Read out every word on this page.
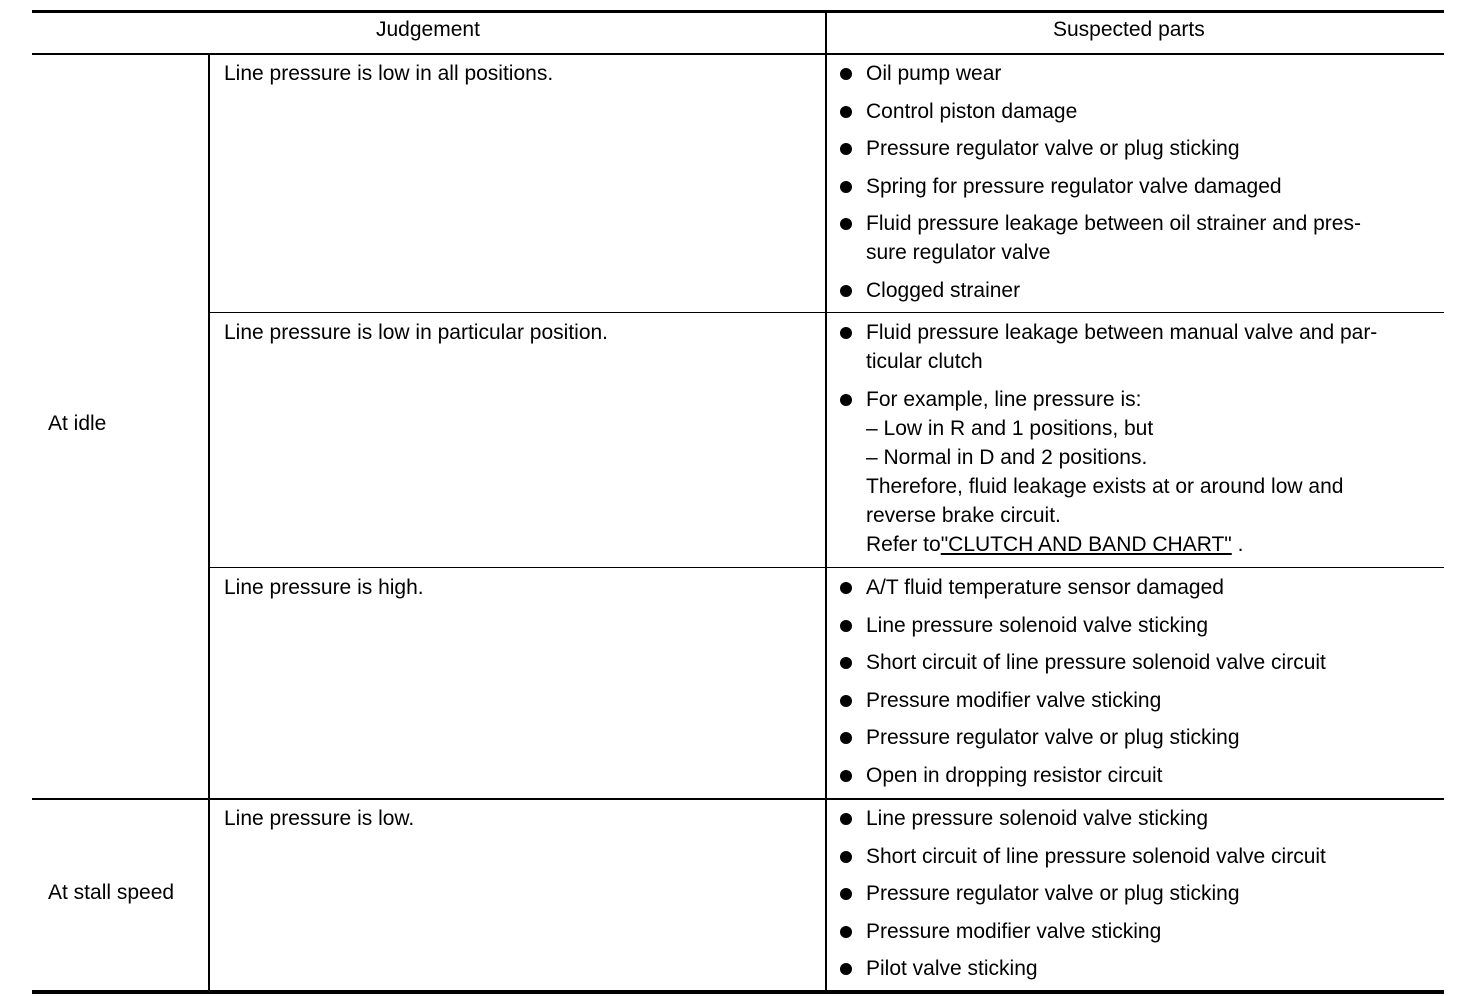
Judgement	Suspected parts
At idle
At stall speed
Line pressure is low in all positions.
Line pressure is low in particular position.
Line pressure is high.
Line pressure is low.
Oil pump wear
Control piston damage
Pressure regulator valve or plug sticking
Spring for pressure regulator valve damaged
Fluid pressure leakage between oil strainer and pres-
sure regulator valve
Clogged strainer
Fluid pressure leakage between manual valve and par-
ticular clutch
For example, line pressure is:
– Low in R and 1 positions, but
– Normal in D and 2 positions.
Therefore, fluid leakage exists at or around low and
reverse brake circuit.
Refer to"CLUTCH AND BAND CHART" .
A/T fluid temperature sensor damaged
Line pressure solenoid valve sticking
Short circuit of line pressure solenoid valve circuit
Pressure modifier valve sticking
Pressure regulator valve or plug sticking
Open in dropping resistor circuit
Line pressure solenoid valve sticking
Short circuit of line pressure solenoid valve circuit
Pressure regulator valve or plug sticking
Pressure modifier valve sticking
Pilot valve sticking
